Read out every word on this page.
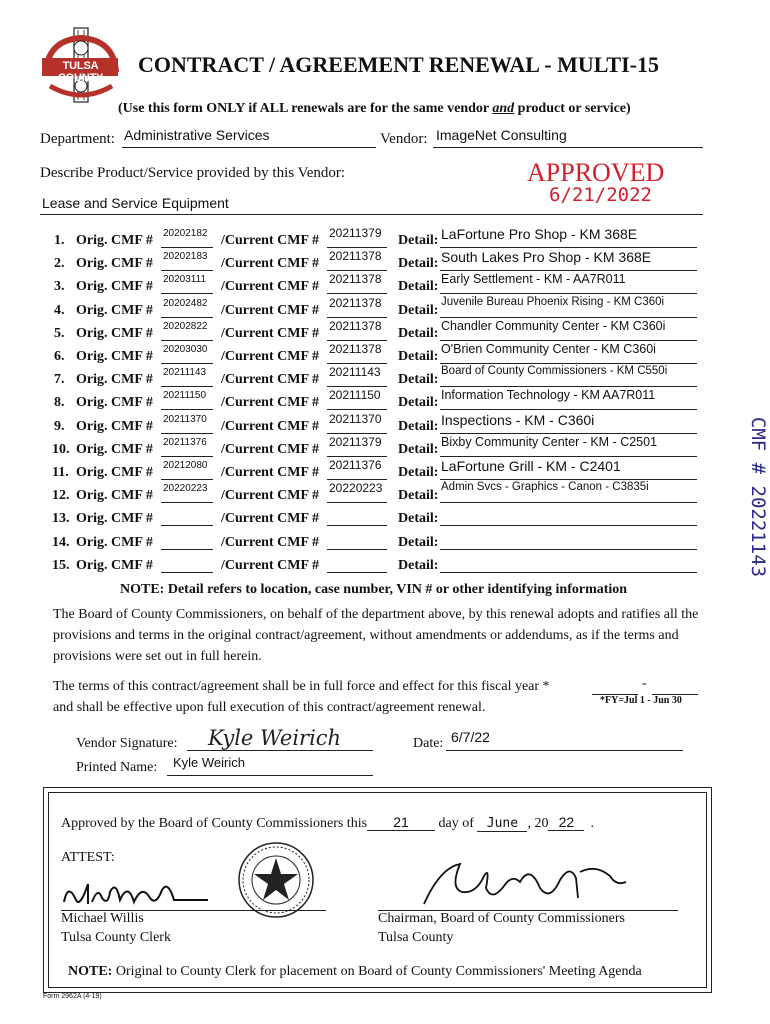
TULSA COUNTY
CONTRACT / AGREEMENT RENEWAL - MULTI-15
(Use this form ONLY if ALL renewals are for the same vendor and product or service)
Department: Administrative Services	Vendor: ImageNet Consulting
Describe Product/Service provided by this Vendor:
Lease and Service Equipment
APPROVED
6/21/2022
CMF # 20221143
1. Orig. CMF # 20202182 /Current CMF # 20211379 Detail: LaFortune Pro Shop - KM 368E
2. Orig. CMF # 20202183 /Current CMF # 20211378 Detail: South Lakes Pro Shop - KM 368E
3. Orig. CMF # 20203111 /Current CMF # 20211378 Detail: Early Settlement - KM - AA7R011
4. Orig. CMF # 20202482 /Current CMF # 20211378 Detail:
Juvenile Bureau Phoenix Rising - KM C360i
5. Orig. CMF # 20202822 /Current CMF # 20211378 Detail: Chandler Community Center - KM C360i
6. Orig. CMF # 20203030 /Current CMF # 20211378 Detail: O'Brien Community Center - KM C360i
7. Orig. CMF # 20211143 /Current CMF # 20211143 Detail:
Board of County Commissioners - KM C550i
8. Orig. CMF # 20211150 /Current CMF # 20211150 Detail: Information Technology - KM AA7R011
9. Orig. CMF # 20211370 /Current CMF # 20211370 Detail: Inspections - KM - C360i
10. Orig. CMF # 20211376 /Current CMF # 20211379 Detail: Bixby Community Center - KM - C2501
11. Orig. CMF # 20212080 /Current CMF # 20211376 Detail: LaFortune Grill - KM - C2401
12. Orig. CMF # 20220223 /Current CMF # 20220223 Detail:
Admin Svcs - Graphics - Canon - C3835i
13. Orig. CMF #	/Current CMF #	Detail:
14. Orig. CMF #	/Current CMF #	Detail:
15. Orig. CMF #	/Current CMF #	Detail:
NOTE: Detail refers to location, case number, VIN # or other identifying information
The Board of County Commissioners, on behalf of the department above, by this renewal adopts and ratifies all the provisions and terms in the original contract/agreement, without amendments or addendums, as if the terms and provisions were set out in full herein.
The terms of this contract/agreement shall be in full force and effect for this fiscal year *	-
and shall be effective upon full execution of this contract/agreement renewal.	*FY=Jul 1 - Jun 30
Vendor Signature: Kyle Weirich
Printed Name: Kyle Weirich
Date: 6/7/22
Approved by the Board of County Commissioners this 21 day of June , 20 22 .
ATTEST:
Michael Willis
Tulsa County Clerk
Chairman, Board of County Commissioners
Tulsa County
NOTE: Original to County Clerk for placement on Board of County Commissioners' Meeting Agenda
Form 2962A (4-19)
